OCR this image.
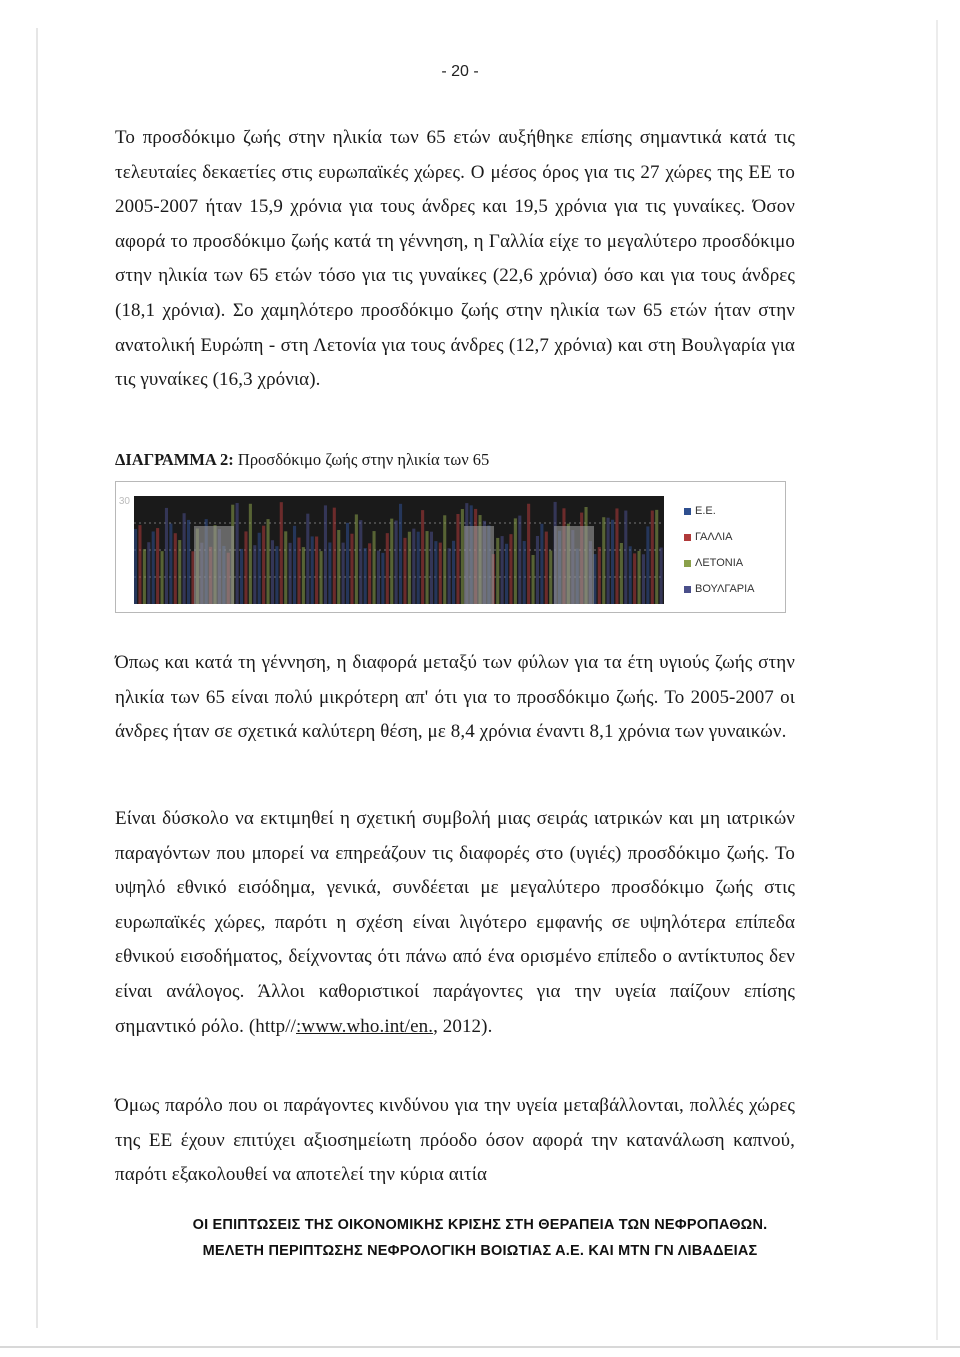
- 20 -

Το προσδόκιμο ζωής στην ηλικία των 65 ετών αυξήθηκε επίσης σημαντικά κατά τις τελευταίες δεκαετίες στις ευρωπαϊκές χώρες. Ο μέσος όρος για τις 27 χώρες της ΕΕ το 2005-2007 ήταν 15,9 χρόνια για τους άνδρες και 19,5 χρόνια για τις γυναίκες. Όσον αφορά το προσδόκιμο ζωής κατά τη γέννηση, η Γαλλία είχε το μεγαλύτερο προσδόκιμο στην ηλικία των 65 ετών τόσο για τις γυναίκες (22,6 χρόνια) όσο και για τους άνδρες (18,1 χρόνια). Σο χαμηλότερο προσδόκιμο ζωής στην ηλικία των 65 ετών ήταν στην ανατολική Ευρώπη - στη Λετονία για τους άνδρες (12,7 χρόνια) και στη Βουλγαρία για τις γυναίκες (16,3 χρόνια).

ΔΙΑΓΡΑΜΜΑ 2: Προσδόκιμο ζωής στην ηλικία των 65

30
Ε.Ε.
ΓΑΛΛΙΑ
ΛΕΤΟΝΙΑ
ΒΟΥΛΓΑΡΙΑ

Όπως και κατά τη γέννηση, η διαφορά μεταξύ των φύλων για τα έτη υγιούς ζωής στην ηλικία των 65 είναι πολύ μικρότερη απ' ότι για το προσδόκιμο ζωής. Το 2005-2007 οι άνδρες ήταν σε σχετικά καλύτερη θέση, με 8,4 χρόνια έναντι 8,1 χρόνια των γυναικών.

Είναι δύσκολο να εκτιμηθεί η σχετική συμβολή μιας σειράς ιατρικών και μη ιατρικών παραγόντων που μπορεί να επηρεάζουν τις διαφορές στο (υγιές) προσδόκιμο ζωής. Το υψηλό εθνικό εισόδημα, γενικά, συνδέεται με μεγαλύτερο προσδόκιμο ζωής στις ευρωπαϊκές χώρες, παρότι η σχέση είναι λιγότερο εμφανής σε υψηλότερα επίπεδα εθνικού εισοδήματος, δείχνοντας ότι πάνω από ένα ορισμένο επίπεδο ο αντίκτυπος δεν είναι ανάλογος. Άλλοι καθοριστικοί παράγοντες για την υγεία παίζουν επίσης σημαντικό ρόλο. (http//:www.who.int/en., 2012).

Όμως παρόλο που οι παράγοντες κινδύνου για την υγεία μεταβάλλονται, πολλές χώρες της ΕΕ έχουν επιτύχει αξιοσημείωτη πρόοδο όσον αφορά την κατανάλωση καπνού, παρότι εξακολουθεί να αποτελεί την κύρια αιτία

ΟΙ ΕΠΙΠΤΩΣΕΙΣ ΤΗΣ ΟΙΚΟΝΟΜΙΚΗΣ ΚΡΙΣΗΣ ΣΤΗ ΘΕΡΑΠΕΙΑ ΤΩΝ ΝΕΦΡΟΠΑΘΩΝ.
ΜΕΛΕΤΗ ΠΕΡΙΠΤΩΣΗΣ ΝΕΦΡΟΛΟΓΙΚΗ ΒΟΙΩΤΙΑΣ Α.Ε. ΚΑΙ ΜΤΝ ΓΝ ΛΙΒΑΔΕΙΑΣ
